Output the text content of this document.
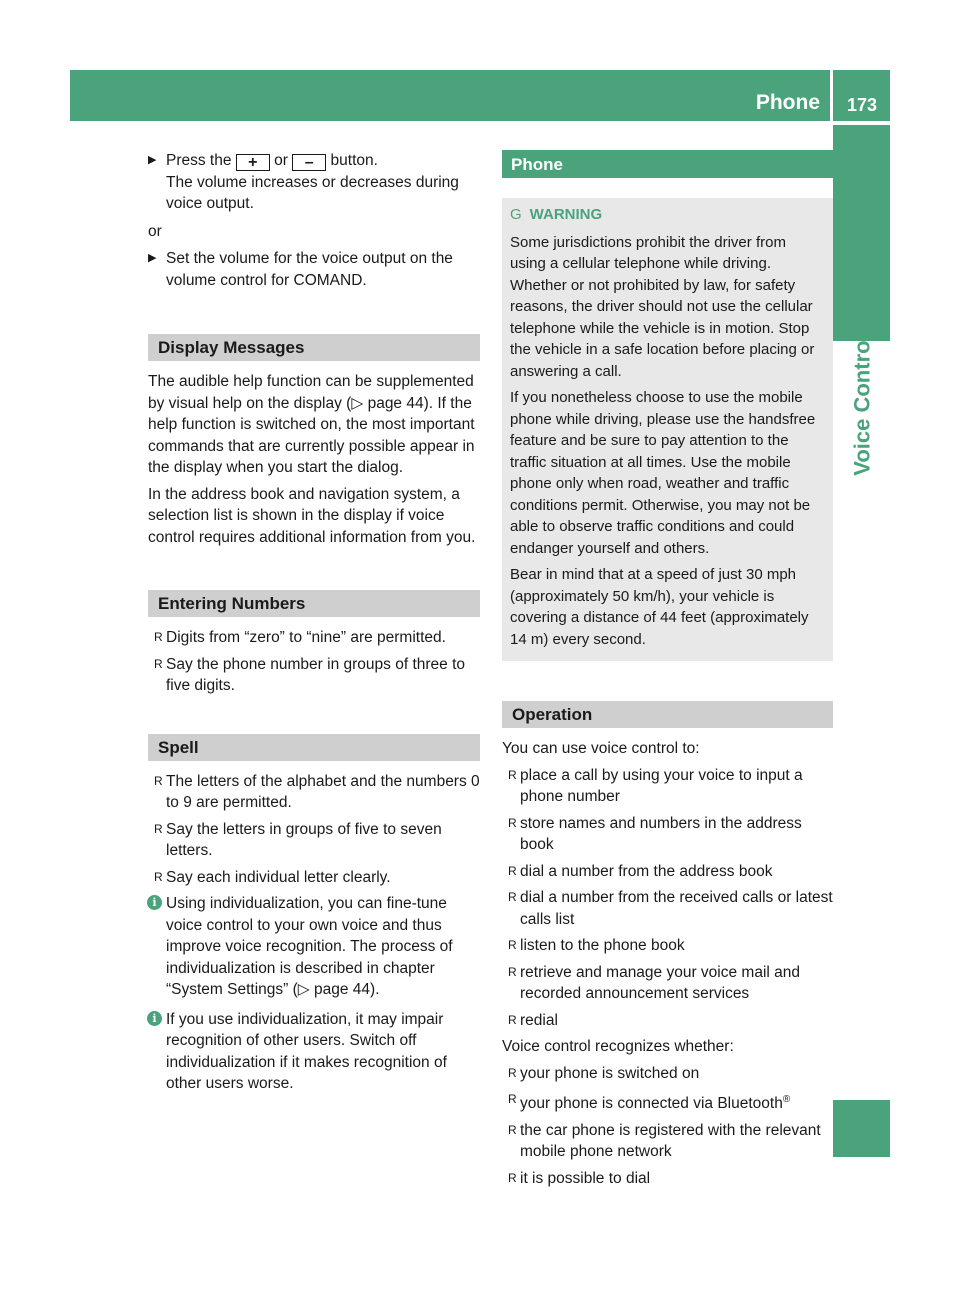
Phone	173
Voice Control

▶ Press the + or – button.

The volume increases or decreases during voice output.

or

▶ Set the volume for the voice output on the volume control for COMAND.

Display Messages

The audible help function can be supplemented by visual help on the display (▷ page 44). If the help function is switched on, the most important commands that are currently possible appear in the display when you start the dialog.

In the address book and navigation system, a selection list is shown in the display if voice control requires additional information from you.

Entering Numbers
R Digits from “zero” to “nine” are permitted.
R Say the phone number in groups of three to five digits.
Spell
R The letters of the alphabet and the numbers 0 to 9 are permitted.
R Say the letters in groups of five to seven letters.
R Say each individual letter clearly.

i Using individualization, you can fine-tune voice control to your own voice and thus improve voice recognition. The process of individualization is described in chapter “System Settings” (▷ page 44).

i If you use individualization, it may impair recognition of other users. Switch off individualization if it makes recognition of other users worse.

Phone
G WARNING

Some jurisdictions prohibit the driver from using a cellular telephone while driving. Whether or not prohibited by law, for safety reasons, the driver should not use the cellular telephone while the vehicle is in motion. Stop the vehicle in a safe location before placing or answering a call.

If you nonetheless choose to use the mobile phone while driving, please use the handsfree feature and be sure to pay attention to the traffic situation at all times. Use the mobile phone only when road, weather and traffic conditions permit. Otherwise, you may not be able to observe traffic conditions and could endanger yourself and others.

Bear in mind that at a speed of just 30 mph (approximately 50 km/h), your vehicle is covering a distance of 44 feet (approximately 14 m) every second.

Operation

You can use voice control to:

R place a call by using your voice to input a phone number
R store names and numbers in the address book
R dial a number from the address book
R dial a number from the received calls or latest calls list
R listen to the phone book
R retrieve and manage your voice mail and recorded announcement services
R redial

Voice control recognizes whether:

R your phone is switched on
R your phone is connected via Bluetooth®
R the car phone is registered with the relevant mobile phone network
R it is possible to dial
